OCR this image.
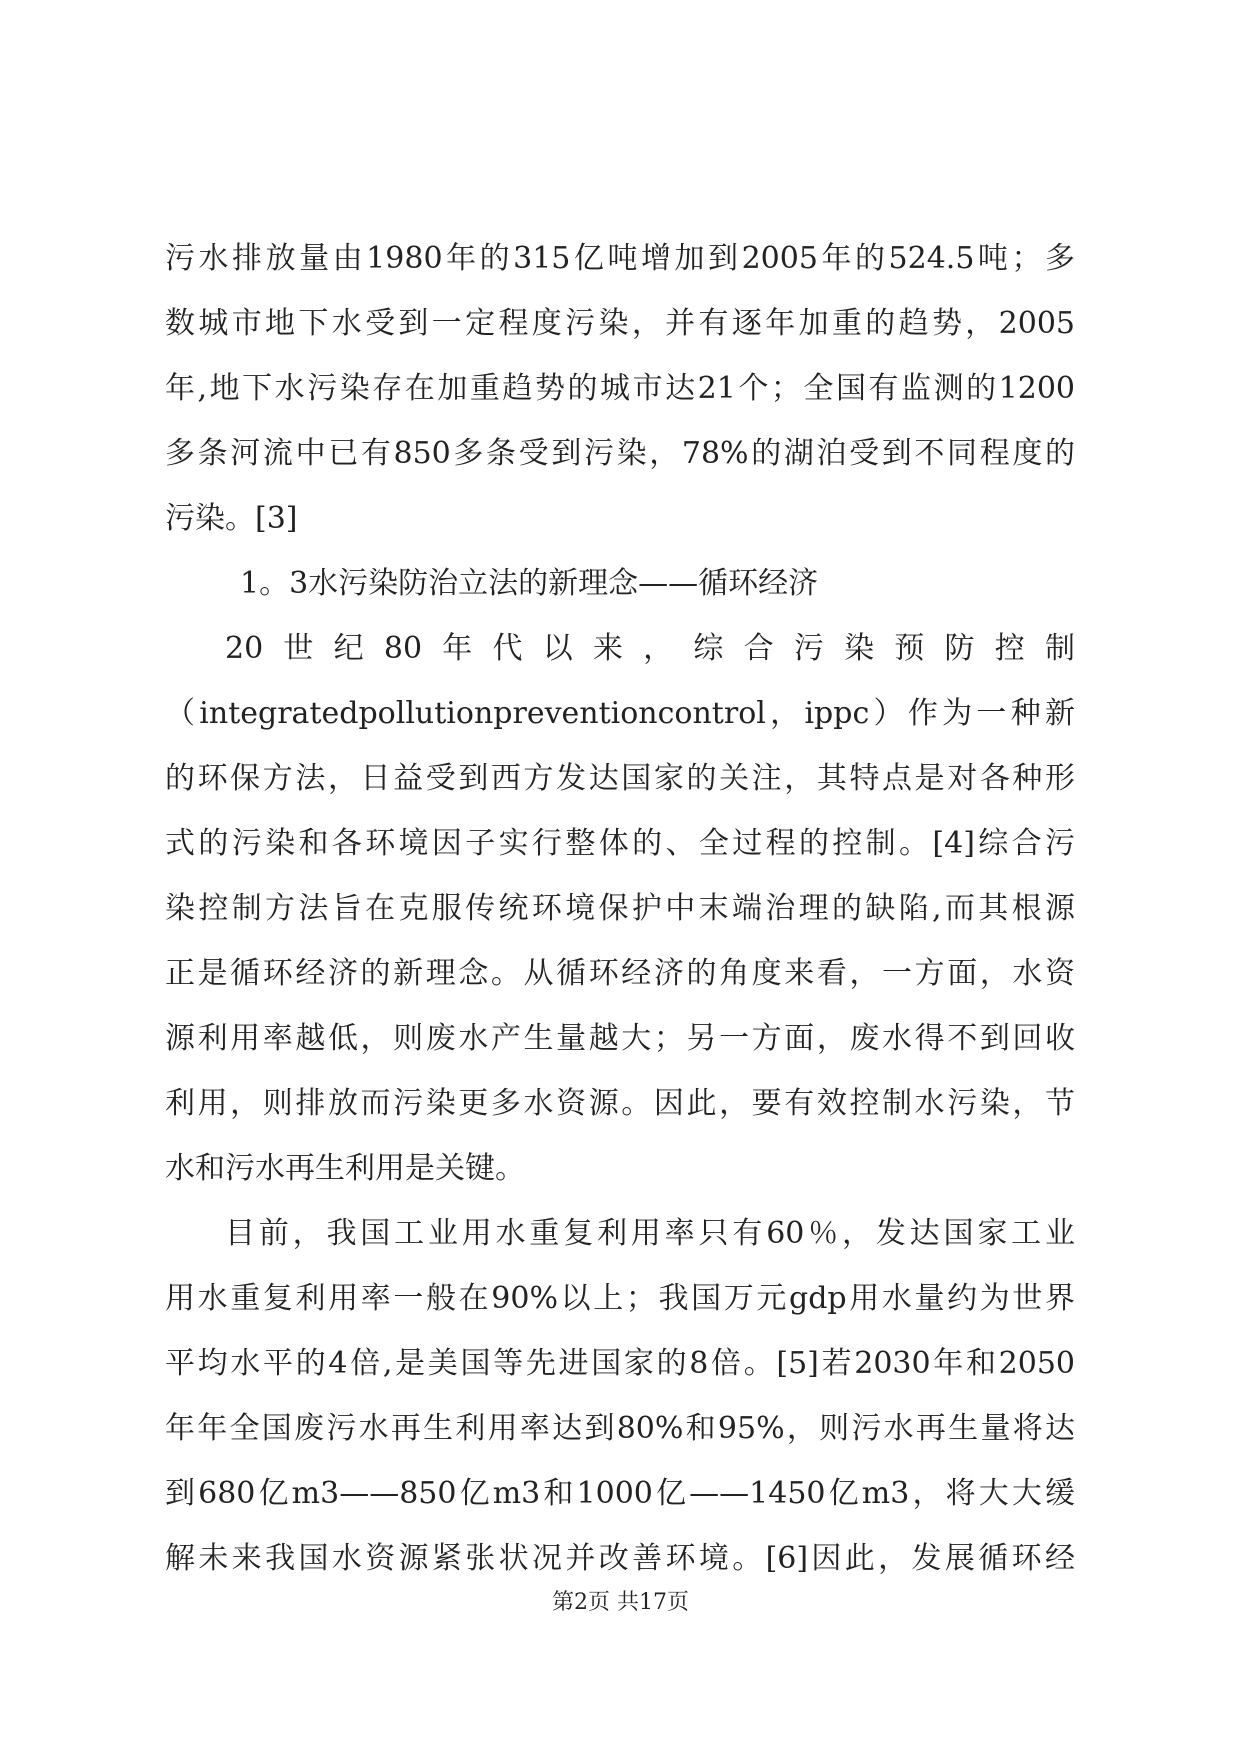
污水排放量由1980年的315亿吨增加到2005年的524.5吨；多
数城市地下水受到一定程度污染，并有逐年加重的趋势，2005
年,地下水污染存在加重趋势的城市达21个；全国有监测的1200
多条河流中已有850多条受到污染，78%的湖泊受到不同程度的
污染。[3]
1。3水污染防治立法的新理念——循环经济
20世纪80年代以来，综合污染预防控制
（integratedpollutionpreventioncontrol，ippc）作为一种新
的环保方法，日益受到西方发达国家的关注，其特点是对各种形
式的污染和各环境因子实行整体的、全过程的控制。[4]综合污
染控制方法旨在克服传统环境保护中末端治理的缺陷,而其根源
正是循环经济的新理念。从循环经济的角度来看，一方面，水资
源利用率越低，则废水产生量越大；另一方面，废水得不到回收
利用，则排放而污染更多水资源。因此，要有效控制水污染，节
水和污水再生利用是关键。
目前，我国工业用水重复利用率只有60％，发达国家工业
用水重复利用率一般在90%以上；我国万元gdp用水量约为世界
平均水平的4倍,是美国等先进国家的8倍。[5]若2030年和2050
年年全国废污水再生利用率达到80%和95%，则污水再生量将达
到680亿m3——850亿m3和1000亿——1450亿m3，将大大缓
解未来我国水资源紧张状况并改善环境。[6]因此，发展循环经
第2页 共17页
